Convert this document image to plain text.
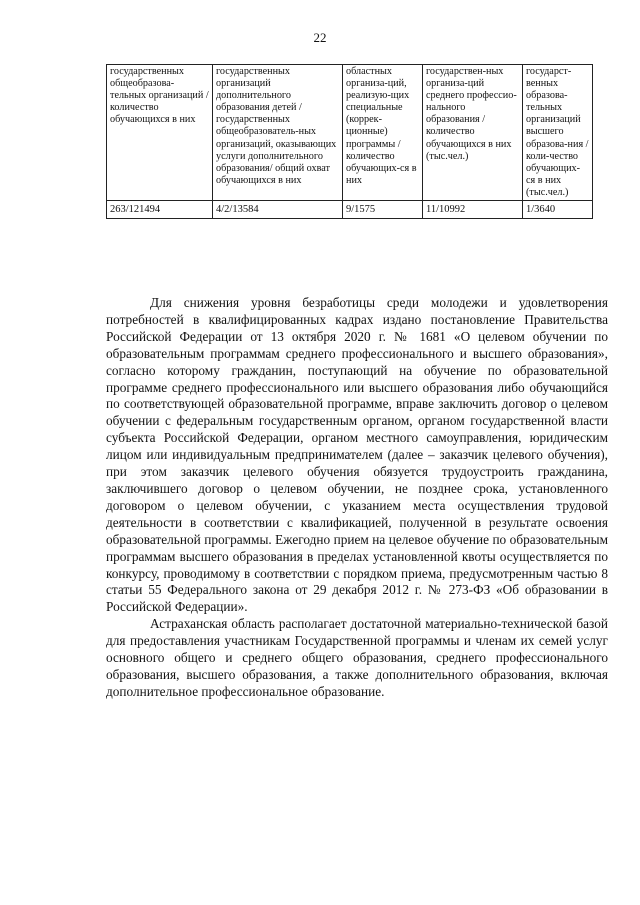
22
государственных общеобразова-тельных организаций / количество обучающихся в них	государственных организаций дополнительного образования детей / государственных общеобразователь-ных организаций, оказывающих услуги дополнительного образования/ общий охват обучающихся в них	областных организа-ций, реализую-щих специальные (коррек-ционные) программы / количество обучающих-ся в них	государствен-ных организа-ций среднего профессио-нального образования / количество обучающихся в них (тыс.чел.)	государст-венных образова-тельных организаций высшего образова-ния / коли-чество обучающих-ся в них (тыс.чел.)
263/121494	4/2/13584	9/1575	11/10992	1/3640

Для снижения уровня безработицы среди молодежи и удовлетворения потребностей в квалифицированных кадрах издано постановление Правительства Российской Федерации от 13 октября 2020 г. № 1681 «О целевом обучении по образовательным программам среднего профессионального и высшего образования», согласно которому гражданин, поступающий на обучение по образовательной программе среднего профессионального или высшего образования либо обучающийся по соответствующей образовательной программе, вправе заключить договор о целевом обучении с федеральным государственным органом, органом государственной власти субъекта Российской Федерации, органом местного самоуправления, юридическим лицом или индивидуальным предпринимателем (далее – заказчик целевого обучения), при этом заказчик целевого обучения обязуется трудоустроить гражданина, заключившего договор о целевом обучении, не позднее срока, установленного договором о целевом обучении, с указанием места осуществления трудовой деятельности в соответствии с квалификацией, полученной в результате освоения образовательной программы. Ежегодно прием на целевое обучение по образовательным программам высшего образования в пределах установленной квоты осуществляется по конкурсу, проводимому в соответствии с порядком приема, предусмотренным частью 8 статьи 55 Федерального закона от 29 декабря 2012 г. № 273-ФЗ «Об образовании в Российской Федерации».

Астраханская область располагает достаточной материально-технической базой для предоставления участникам Государственной программы и членам их семей услуг основного общего и среднего общего образования, среднего профессионального образования, высшего образования, а также дополнительного образования, включая дополнительное профессиональное образование.
